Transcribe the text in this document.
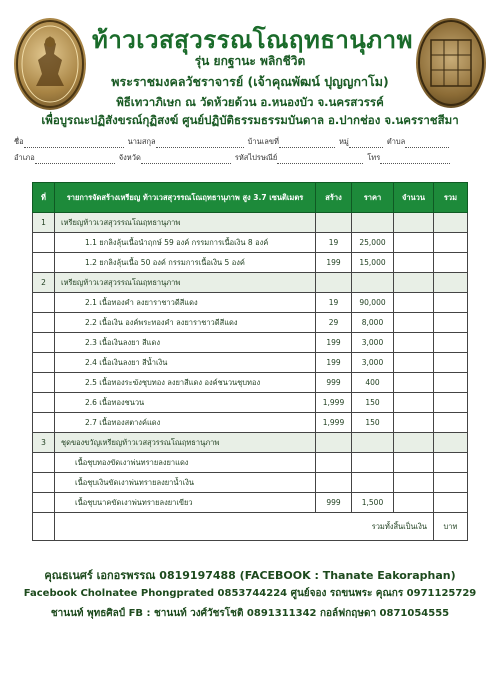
ท้าวเวสสุวรรณโณฤทธานุภาพ
รุ่น ยกฐานะ พลิกชีวิต
พระราชมงคลวัชราจารย์ (เจ้าคุณพัฒน์ ปุญญกาโม)
พิธีเทวาภิเษก ณ วัดห้วยด้วน อ.หนองบัว จ.นครสวรรค์
เพื่อบูรณะปฏิสังขรณ์กุฏิสงฆ์ ศูนย์ปฏิบัติธรรมธรรมบันดาล อ.ปากช่อง จ.นครราชสีมา
ชื่อ	นามสกุล	บ้านเลขที่	หมู่	ตำบล
อำเภอ	จังหวัด	รหัสไปรษณีย์	โทร
ที่	รายการจัดสร้างเหรียญ ท้าวเวสสุวรรณโณฤทธานุภาพ สูง 3.7 เซนติเมตร	สร้าง	ราคา	จำนวน	รวม
1	เหรียญท้าวเวสสุวรรณโณฤทธานุภาพ				
	1.1 ยกลิงลุ้นเนื้อนำฤกษ์ 59 องค์ กรรมการเนื้อเงิน 8 องค์	19	25,000		
	1.2 ยกลิงลุ้นเนื้อ 50 องค์ กรรมการเนื้อเงิน 5 องค์	199	15,000		
2	เหรียญท้าวเวสสุวรรณโณฤทธานุภาพ				
	2.1 เนื้อทองคำ ลงยาราชาวดีสีแดง	19	90,000		
	2.2 เนื้อเงิน องค์พระทองคำ ลงยาราชาวดีสีแดง	29	8,000		
	2.3 เนื้อเงินลงยา สีแดง	199	3,000		
	2.4 เนื้อเงินลงยา สีน้ำเงิน	199	3,000		
	2.5 เนื้อทองระฆังชุบทอง ลงยาสีแดง องค์ชนวนชุบทอง	999	400		
	2.6 เนื้อทองชนวน	1,999	150		
	2.7 เนื้อทองสตางค์แดง	1,999	150		
3	ชุดของขวัญเหรียญท้าวเวสสุวรรณโณฤทธานุภาพ				
	เนื้อชุบทองขัดเงาพ่นทรายลงยาแดง				
	เนื้อชุบเงินขัดเงาพ่นทรายลงยาน้ำเงิน				
	เนื้อชุบนาคขัดเงาพ่นทรายลงยาเขียว	999	1,500		
	รวมทั้งสิ้นเป็นเงิน				บาท
คุณธเนศร์ เอกอรพรรณ 0819197488 (FACEBOOK : Thanate Eakoraphan)
Facebook Cholnatee Phongprated 0853744224 ศูนย์จอง รถขนพระ คุณกร 0971125729
ชานนท์ พุทธศิลป์ FB : ชานนท์ วงศ์วัชรโชติ 0891311342 กอล์ฟกฤษดา 0871054555
